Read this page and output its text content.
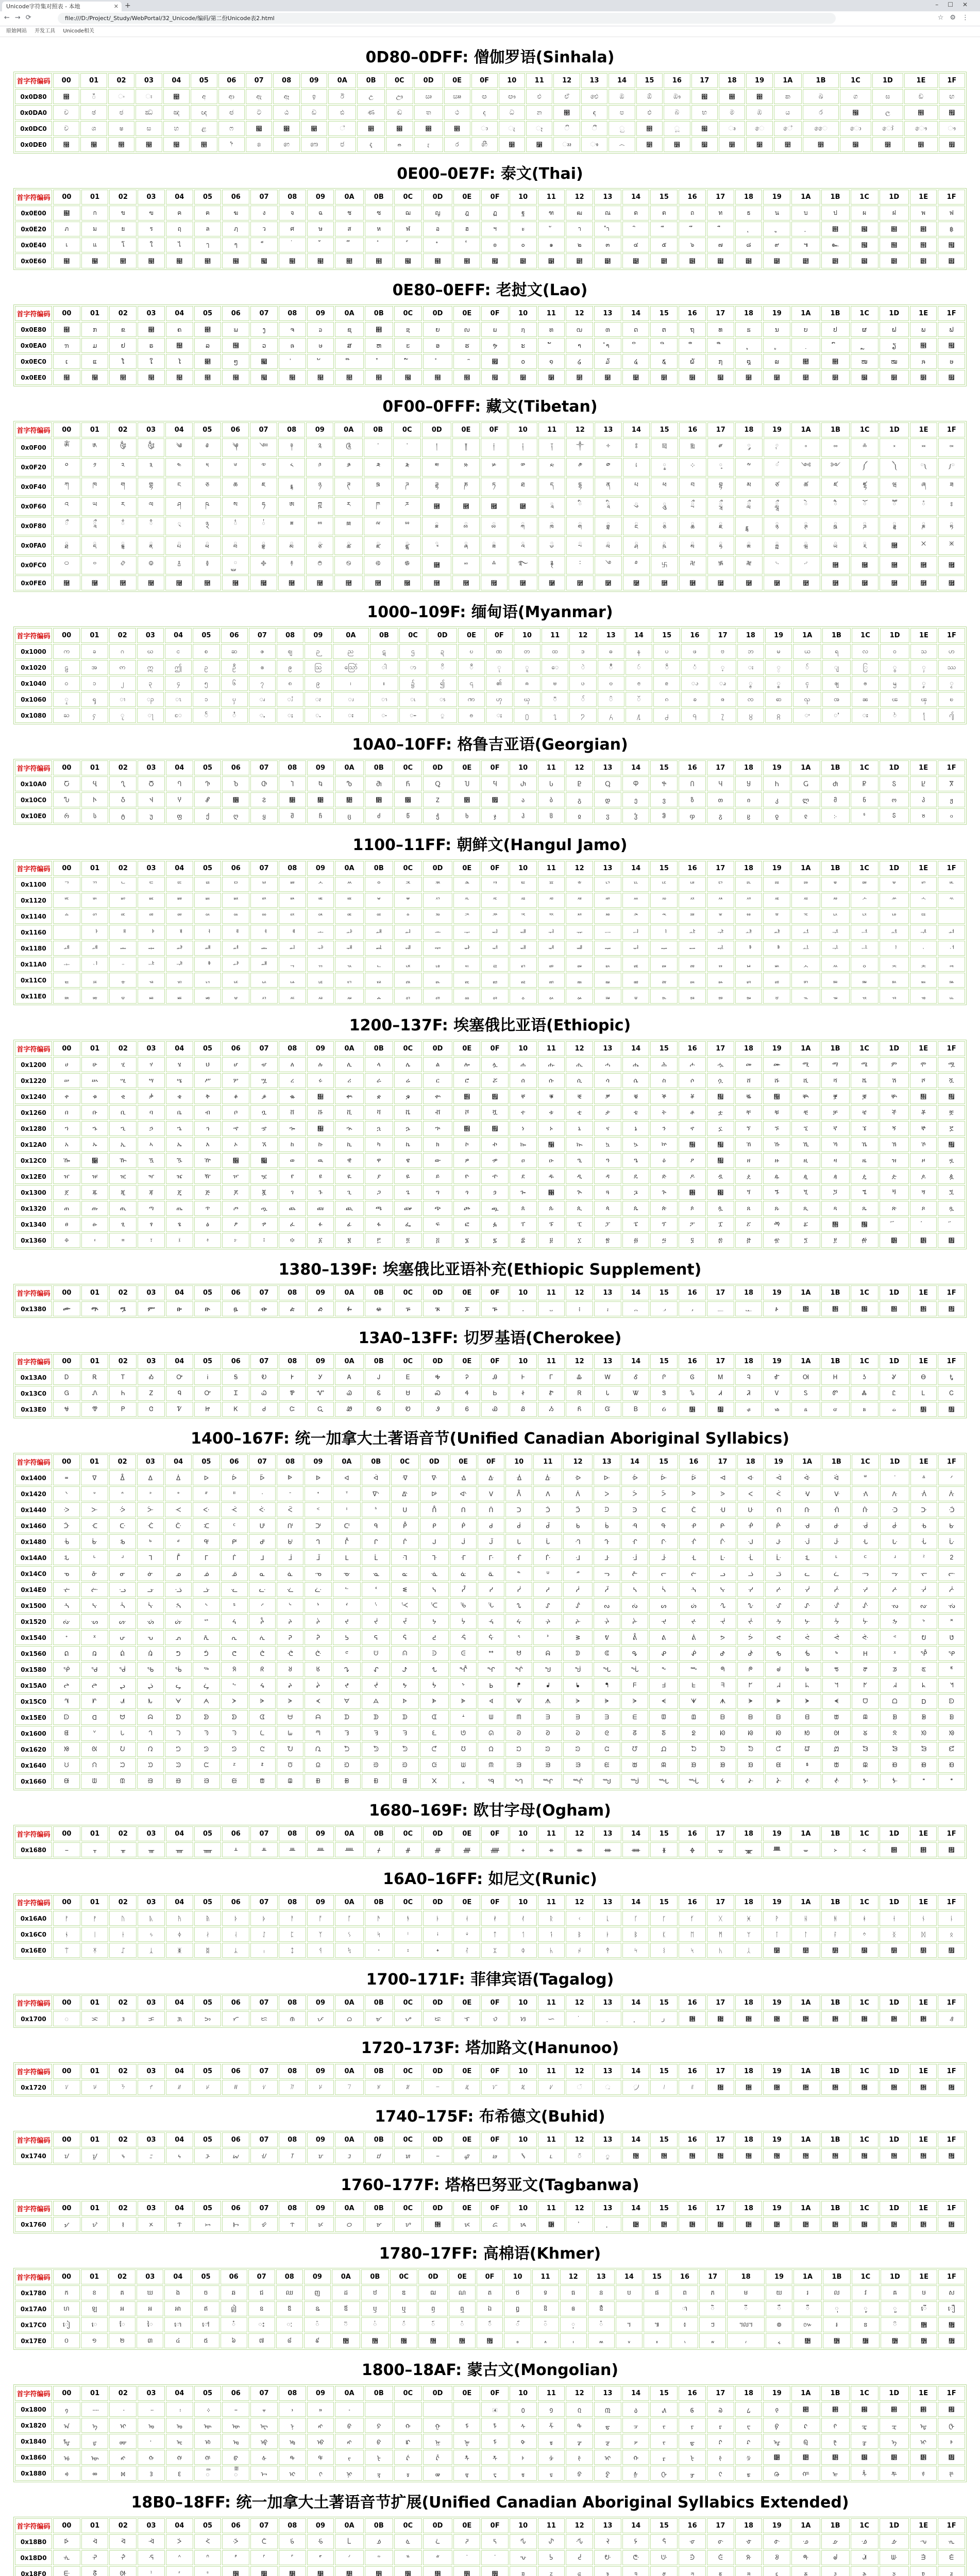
Unicode字符集对照表 - 本地	✕ +	–☐✕
←→⟳	file:///D:/Project/_Study/WebPortal/32_Unicode/编码/第二份Unicode表2.html	☆⚙⋮
原始网站 开发工具 Unicode相关
0D80–0DFF: 僧伽罗语(Sinhala)
首字符编码	00	01	02	03	04	05	06	07	08	09	0A	0B	0C	0D	0E	0F	10	11	12	13	14	15	16	17	18	19	1A	1B	1C	1D	1E	1F
0x0D80	඀	ඁ	ං	ඃ	඄	අ	ආ	ඇ	ඈ	ඉ	ඊ	උ	ඌ	ඍ	ඎ	ඏ	ඐ	එ	ඒ	ඓ	ඔ	ඕ	ඖ	඗	඘	඙	ක	ඛ	ග	ඝ	ඞ	ඟ
0x0DA0	ච	ඡ	ජ	ඣ	ඤ	ඥ	ඦ	ට	ඨ	ඩ	ඪ	ණ	ඬ	ත	ථ	ද	ධ	න	඲	ඳ	ප	ඵ	බ	භ	ම	ඹ	ය	ර	඼	ල	඾	඿
0x0DC0	ව	ශ	ෂ	ස	හ	ළ	ෆ	෇	෈	෉	්	෋	෌	෍	෎	ා	ැ	ෑ	ි	ී	ු	෕	ූ	෗	ෘ	ෙ	ේ	ෛ	ො	ෝ	ෞ	ෟ
0x0DE0	෠	෡	෢	෣	෤	෥	෦	෧	෨	෩	෪	෫	෬	෭	෮	෯	෰	෱	ෲ	ෳ	෴	෵	෶	෷	෸	෹	෺	෻	෼	෽	෾	෿
0E00–0E7F: 泰文(Thai)
首字符编码	00	01	02	03	04	05	06	07	08	09	0A	0B	0C	0D	0E	0F	10	11	12	13	14	15	16	17	18	19	1A	1B	1C	1D	1E	1F
0x0E00	฀	ก	ข	ฃ	ค	ฅ	ฆ	ง	จ	ฉ	ช	ซ	ฌ	ญ	ฎ	ฏ	ฐ	ฑ	ฒ	ณ	ด	ต	ถ	ท	ธ	น	บ	ป	ผ	ฝ	พ	ฟ
0x0E20	ภ	ม	ย	ร	ฤ	ล	ฦ	ว	ศ	ษ	ส	ห	ฬ	อ	ฮ	ฯ	ะ		า	ำ								฻	฼	฽	฾	฿
0x0E40	เ	แ	โ	ใ	ไ	ๅ	ๆ									๏	๐	๑	๒	๓	๔	๕	๖	๗	๘	๙	๚	๛	๜	๝	๞	๟
0x0E60	๠	๡	๢	๣	๤	๥	๦	๧	๨	๩	๪	๫	๬	๭	๮	๯	๰	๱	๲	๳	๴	๵	๶	๷	๸	๹	๺	๻	๼	๽	๾	๿
0E80–0EFF: 老挝文(Lao)
首字符编码	00	01	02	03	04	05	06	07	08	09	0A	0B	0C	0D	0E	0F	10	11	12	13	14	15	16	17	18	19	1A	1B	1C	1D	1E	1F
0x0E80	຀	ກ	ຂ	຃	ຄ	຅	ຆ	ງ	ຈ	ຉ	ຊ	຋	ຌ	ຍ	ຎ	ຏ	ຐ	ຑ	ຒ	ຓ	ດ	ຕ	ຖ	ທ	ຘ	ນ	ບ	ປ	ຜ	ຝ	ພ	ຟ
0x0EA0	ຠ	ມ	ຢ	ຣ	຤	ລ	຦	ວ	ຨ	ຩ	ສ	ຫ	ຬ	ອ	ຮ	ຯ	ະ		າ	ຳ							຺			ຽ	຾	຿
0x0EC0	ເ	ແ	ໂ	ໃ	ໄ	໅	ໆ	໇								໏	໐	໑	໒	໓	໔	໕	໖	໗	໘	໙	໚	໛	ໜ	ໝ	ໞ	ໟ
0x0EE0	໠	໡	໢	໣	໤	໥	໦	໧	໨	໩	໪	໫	໬	໭	໮	໯	໰	໱	໲	໳	໴	໵	໶	໷	໸	໹	໺	໻	໼	໽	໾	໿
0F00–0FFF: 藏文(Tibetan)
首字符编码	00	01	02	03	04	05	06	07	08	09	0A	0B	0C	0D	0E	0F	10	11	12	13	14	15	16	17	18	19	1A	1B	1C	1D	1E	1F
0x0F00	ༀ	༁	༂	༃	༄	༅	༆	༇	༈	༉	༊	་	༌	།	༎	༏	༐	༑	༒	༓	༔	༕	༖	༗	༘	༙	༚	༛	༜	༝	༞	༟
0x0F20	༠	༡	༢	༣	༤	༥	༦	༧	༨	༩	༪	༫	༬	༭	༮	༯	༰	༱	༲	༳	༴	༵	༶	༷	༸	༹	༺	༻	༼	༽	༾	༿
0x0F40	ཀ	ཁ	ག	གྷ	ང	ཅ	ཆ	ཇ	཈	ཉ	ཊ	ཋ	ཌ	ཌྷ	ཎ	ཏ	ཐ	ད	དྷ	ན	པ	ཕ	བ	བྷ	མ	ཙ	ཚ	ཛ	ཛྷ	ཝ	ཞ	ཟ
0x0F60	འ	ཡ	ར	ལ	ཤ	ཥ	ས	ཧ	ཨ	ཀྵ	ཪ	ཫ	ཬ	཭	཮	཯	཰	ཱ	ི	ཱི	ུ	ཱུ	ྲྀ	ཷ	ླྀ	ཹ	ེ	ཻ	ོ	ཽ	ཾ	ཿ
0x0F80	ྀ	ཱྀ	ྂ	ྃ	྄	྅	྆	྇	ྈ	ྉ	ྊ	ྋ	ྌ	ྍ	ྎ	ྏ	ྐ	ྑ	ྒ	ྒྷ	ྔ	ྕ	ྖ	ྗ		ྙ	ྚ	ྛ	ྜ	ྜྷ	ྞ	ྟ
0x0FA0	ྠ	ྡ	ྡྷ	ྣ	ྤ	ྥ	ྦ	ྦྷ	ྨ	ྩ	ྪ	ྫ	ྫྷ	ྭ	ྮ	ྯ	ྰ	ྱ	ྲ	ླ	ྴ	ྵ	ྶ	ྷ	ྸ	ྐྵ	ྺ	ྻ	ྼ	྽	྾	྿
0x0FC0	࿀	࿁	࿂	࿃	࿄	࿅	࿆	࿇	࿈	࿉	࿊	࿋	࿌	࿍	࿎	࿏	࿐	࿑	࿒	࿓	࿔	࿕	࿖	࿗	࿘	࿙	࿚	࿛	࿜	࿝	࿞	࿟
0x0FE0	࿠	࿡	࿢	࿣	࿤	࿥	࿦	࿧	࿨	࿩	࿪	࿫	࿬	࿭	࿮	࿯	࿰	࿱	࿲	࿳	࿴	࿵	࿶	࿷	࿸	࿹	࿺	࿻	࿼	࿽	࿾	࿿
1000–109F: 缅甸语(Myanmar)
首字符编码	00	01	02	03	04	05	06	07	08	09	0A	0B	0C	0D	0E	0F	10	11	12	13	14	15	16	17	18	19	1A	1B	1C	1D	1E	1F
0x1000	က	ခ	ဂ	ဃ	င	စ	ဆ	ဇ	ဈ	ဉ	ည	ဋ	ဌ	ဍ	ဎ	ဏ	တ	ထ	ဒ	ဓ	န	ပ	ဖ	ဗ	ဘ	မ	ယ	ရ	လ	ဝ	သ	ဟ
0x1020	ဠ	အ	ဢ	ဣ	ဤ	ဥ	ဦ	ဧ	ဨ	ဩ	ဪ	ါ	ာ	ိ	ီ	ု	ူ	ေ	ဲ	ဳ	ဴ	ဵ	ံ	့	း	္	်	ျ	ြ	ွ	ှ	ဿ
0x1040	၀	၁	၂	၃	၄	၅	၆	၇	၈	၉	၊	။	၌	၍	၎	၏	ၐ	ၑ	ၒ	ၓ	ၔ	ၕ	ၖ	ၗ	ၘ	ၙ	ၚ	ၛ	ၜ	ၝ	ၞ	ၟ
0x1060	ၠ	ၡ	ၢ	ၣ	ၤ	ၥ	ၦ	ၧ	ၨ	ၩ	ၪ	ၫ	ၬ	ၭ	ၮ	ၯ	ၰ	ၱ	ၲ	ၳ	ၴ	ၵ	ၶ	ၷ	ၸ	ၹ	ၺ	ၻ	ၼ	ၽ	ၾ	ၿ
0x1080	ႀ	ႁ	ႂ	ႃ	ႄ	ႅ	ႆ	ႇ	ႈ	ႉ	ႊ	ႋ	ႌ	ႍ	ႎ	ႏ	႐	႑	႒	႓	႔	႕	႖	႗	႘	႙	ႚ	ႛ	ႜ	ႝ	႞	႟
10A0–10FF: 格鲁吉亚语(Georgian)
首字符编码	00	01	02	03	04	05	06	07	08	09	0A	0B	0C	0D	0E	0F	10	11	12	13	14	15	16	17	18	19	1A	1B	1C	1D	1E	1F
0x10A0	Ⴀ	Ⴁ	Ⴂ	Ⴃ	Ⴄ	Ⴅ	Ⴆ	Ⴇ	Ⴈ	Ⴉ	Ⴊ	Ⴋ	Ⴌ	Ⴍ	Ⴎ	Ⴏ	Ⴐ	Ⴑ	Ⴒ	Ⴓ	Ⴔ	Ⴕ	Ⴖ	Ⴗ	Ⴘ	Ⴙ	Ⴚ	Ⴛ	Ⴜ	Ⴝ	Ⴞ	Ⴟ
0x10C0	Ⴠ	Ⴡ	Ⴢ	Ⴣ	Ⴤ	Ⴥ	჆	Ⴧ	჈	჉	჊	჋	჌	Ⴭ	჎	჏	ა	ბ	გ	დ	ე	ვ	ზ	თ	ი	კ	ლ	მ	ნ	ო	პ	ჟ
0x10E0	რ	ს	ტ	უ	ფ	ქ	ღ	ყ	შ	ჩ	ც	ძ	წ	ჭ	ხ	ჯ	ჰ	ჱ	ჲ	ჳ	ჴ	ჵ	ჶ	ჷ	ჸ	ჹ	ჺ	჻	ჼ	ჽ	ჾ	ჿ
1100–11FF: 朝鲜文(Hangul Jamo)
首字符编码	00	01	02	03	04	05	06	07	08	09	0A	0B	0C	0D	0E	0F	10	11	12	13	14	15	16	17	18	19	1A	1B	1C	1D	1E	1F
0x1100	ᄀ	ᄁ	ᄂ	ᄃ	ᄄ	ᄅ	ᄆ	ᄇ	ᄈ	ᄉ	ᄊ	ᄋ	ᄌ	ᄍ	ᄎ	ᄏ	ᄐ	ᄑ	ᄒ	ᄓ	ᄔ	ᄕ	ᄖ	ᄗ	ᄘ	ᄙ	ᄚ	ᄛ	ᄜ	ᄝ	ᄞ	ᄟ
0x1120	ᄠ	ᄡ	ᄢ	ᄣ	ᄤ	ᄥ	ᄦ	ᄧ	ᄨ	ᄩ	ᄪ	ᄫ	ᄬ	ᄭ	ᄮ	ᄯ	ᄰ	ᄱ	ᄲ	ᄳ	ᄴ	ᄵ	ᄶ	ᄷ	ᄸ	ᄹ	ᄺ	ᄻ	ᄼ	ᄽ	ᄾ	ᄿ
0x1140	ᅀ	ᅁ	ᅂ	ᅃ	ᅄ	ᅅ	ᅆ	ᅇ	ᅈ	ᅉ	ᅊ	ᅋ	ᅌ	ᅍ	ᅎ	ᅏ	ᅐ	ᅑ	ᅒ	ᅓ	ᅔ	ᅕ	ᅖ	ᅗ	ᅘ	ᅙ	ᅚ	ᅛ	ᅜ	ᅝ	ᅞ	ᅟ
0x1160	ᅠ	ᅡ	ᅢ	ᅣ	ᅤ	ᅥ	ᅦ	ᅧ	ᅨ	ᅩ	ᅪ	ᅫ	ᅬ	ᅭ	ᅮ	ᅯ	ᅰ	ᅱ	ᅲ	ᅳ	ᅴ	ᅵ	ᅶ	ᅷ	ᅸ	ᅹ	ᅺ	ᅻ	ᅼ	ᅽ	ᅾ	ᅿ
0x1180	ᆀ	ᆁ	ᆂ	ᆃ	ᆄ	ᆅ	ᆆ	ᆇ	ᆈ	ᆉ	ᆊ	ᆋ	ᆌ	ᆍ	ᆎ	ᆏ	ᆐ	ᆑ	ᆒ	ᆓ	ᆔ	ᆕ	ᆖ	ᆗ	ᆘ	ᆙ	ᆚ	ᆛ	ᆜ	ᆝ	ᆞ	ᆟ
0x11A0	ᆠ	ᆡ	ᆢ	ᆣ	ᆤ	ᆥ	ᆦ	ᆧ	ᆨ	ᆩ	ᆪ	ᆫ	ᆬ	ᆭ	ᆮ	ᆯ	ᆰ	ᆱ	ᆲ	ᆳ	ᆴ	ᆵ	ᆶ	ᆷ	ᆸ	ᆹ	ᆺ	ᆻ	ᆼ	ᆽ	ᆾ	ᆿ
0x11C0	ᇀ	ᇁ	ᇂ	ᇃ	ᇄ	ᇅ	ᇆ	ᇇ	ᇈ	ᇉ	ᇊ	ᇋ	ᇌ	ᇍ	ᇎ	ᇏ	ᇐ	ᇑ	ᇒ	ᇓ	ᇔ	ᇕ	ᇖ	ᇗ	ᇘ	ᇙ	ᇚ	ᇛ	ᇜ	ᇝ	ᇞ	ᇟ
0x11E0	ᇠ	ᇡ	ᇢ	ᇣ	ᇤ	ᇥ	ᇦ	ᇧ	ᇨ	ᇩ	ᇪ	ᇫ	ᇬ	ᇭ	ᇮ	ᇯ	ᇰ	ᇱ	ᇲ	ᇳ	ᇴ	ᇵ	ᇶ	ᇷ	ᇸ	ᇹ	ᇺ	ᇻ	ᇼ	ᇽ	ᇾ	ᇿ
1200–137F: 埃塞俄比亚语(Ethiopic)
首字符编码	00	01	02	03	04	05	06	07	08	09	0A	0B	0C	0D	0E	0F	10	11	12	13	14	15	16	17	18	19	1A	1B	1C	1D	1E	1F
0x1200	ሀ	ሁ	ሂ	ሃ	ሄ	ህ	ሆ	ሇ	ለ	ሉ	ሊ	ላ	ሌ	ል	ሎ	ሏ	ሐ	ሑ	ሒ	ሓ	ሔ	ሕ	ሖ	ሗ	መ	ሙ	ሚ	ማ	ሜ	ም	ሞ	ሟ
0x1220	ሠ	ሡ	ሢ	ሣ	ሤ	ሥ	ሦ	ሧ	ረ	ሩ	ሪ	ራ	ሬ	ር	ሮ	ሯ	ሰ	ሱ	ሲ	ሳ	ሴ	ስ	ሶ	ሷ	ሸ	ሹ	ሺ	ሻ	ሼ	ሽ	ሾ	ሿ
0x1240	ቀ	ቁ	ቂ	ቃ	ቄ	ቅ	ቆ	ቇ	ቈ	቉	ቊ	ቋ	ቌ	ቍ	቎	቏	ቐ	ቑ	ቒ	ቓ	ቔ	ቕ	ቖ	቗	ቘ	቙	ቚ	ቛ	ቜ	ቝ	቞	቟
0x1260	በ	ቡ	ቢ	ባ	ቤ	ብ	ቦ	ቧ	ቨ	ቩ	ቪ	ቫ	ቬ	ቭ	ቮ	ቯ	ተ	ቱ	ቲ	ታ	ቴ	ት	ቶ	ቷ	ቸ	ቹ	ቺ	ቻ	ቼ	ች	ቾ	ቿ
0x1280	ኀ	ኁ	ኂ	ኃ	ኄ	ኅ	ኆ	ኇ	ኈ	኉	ኊ	ኋ	ኌ	ኍ	኎	኏	ነ	ኑ	ኒ	ና	ኔ	ን	ኖ	ኗ	ኘ	ኙ	ኚ	ኛ	ኜ	ኝ	ኞ	ኟ
0x12A0	አ	ኡ	ኢ	ኣ	ኤ	እ	ኦ	ኧ	ከ	ኩ	ኪ	ካ	ኬ	ክ	ኮ	ኯ	ኰ	኱	ኲ	ኳ	ኴ	ኵ	኶	኷	ኸ	ኹ	ኺ	ኻ	ኼ	ኽ	ኾ	኿
0x12C0	ዀ	዁	ዂ	ዃ	ዄ	ዅ	዆	዇	ወ	ዉ	ዊ	ዋ	ዌ	ው	ዎ	ዏ	ዐ	ዑ	ዒ	ዓ	ዔ	ዕ	ዖ	዗	ዘ	ዙ	ዚ	ዛ	ዜ	ዝ	ዞ	ዟ
0x12E0	ዠ	ዡ	ዢ	ዣ	ዤ	ዥ	ዦ	ዧ	የ	ዩ	ዪ	ያ	ዬ	ይ	ዮ	ዯ	ደ	ዱ	ዲ	ዳ	ዴ	ድ	ዶ	ዷ	ዸ	ዹ	ዺ	ዻ	ዼ	ዽ	ዾ	ዿ
0x1300	ጀ	ጁ	ጂ	ጃ	ጄ	ጅ	ጆ	ጇ	ገ	ጉ	ጊ	ጋ	ጌ	ግ	ጎ	ጏ	ጐ	጑	ጒ	ጓ	ጔ	ጕ	጖	጗	ጘ	ጙ	ጚ	ጛ	ጜ	ጝ	ጞ	ጟ
0x1320	ጠ	ጡ	ጢ	ጣ	ጤ	ጥ	ጦ	ጧ	ጨ	ጩ	ጪ	ጫ	ጬ	ጭ	ጮ	ጯ	ጰ	ጱ	ጲ	ጳ	ጴ	ጵ	ጶ	ጷ	ጸ	ጹ	ጺ	ጻ	ጼ	ጽ	ጾ	ጿ
0x1340	ፀ	ፁ	ፂ	ፃ	ፄ	ፅ	ፆ	ፇ	ፈ	ፉ	ፊ	ፋ	ፌ	ፍ	ፎ	ፏ	ፐ	ፑ	ፒ	ፓ	ፔ	ፕ	ፖ	ፗ	ፘ	ፙ	ፚ	፛	፜			
0x1360	፠	፡	።	፣	፤	፥	፦	፧	፨	፩	፪	፫	፬	፭	፮	፯	፰	፱	፲	፳	፴	፵	፶	፷	፸	፹	፺	፻	፼	፽	፾	፿
1380–139F: 埃塞俄比亚语补充(Ethiopic Supplement)
首字符编码	00	01	02	03	04	05	06	07	08	09	0A	0B	0C	0D	0E	0F	10	11	12	13	14	15	16	17	18	19	1A	1B	1C	1D	1E	1F
0x1380	ᎀ	ᎁ	ᎂ	ᎃ	ᎄ	ᎅ	ᎆ	ᎇ	ᎈ	ᎉ	ᎊ	ᎋ	ᎌ	ᎍ	ᎎ	ᎏ	᎐	᎑	᎒	᎓	᎔	᎕	᎖	᎗	᎘	᎙	᎚	᎛	᎜	᎝	᎞	᎟
13A0–13FF: 切罗基语(Cherokee)
首字符编码	00	01	02	03	04	05	06	07	08	09	0A	0B	0C	0D	0E	0F	10	11	12	13	14	15	16	17	18	19	1A	1B	1C	1D	1E	1F
0x13A0	Ꭰ	Ꭱ	Ꭲ	Ꭳ	Ꭴ	Ꭵ	Ꭶ	Ꭷ	Ꭸ	Ꭹ	Ꭺ	Ꭻ	Ꭼ	Ꭽ	Ꭾ	Ꭿ	Ꮀ	Ꮁ	Ꮂ	Ꮃ	Ꮄ	Ꮅ	Ꮆ	Ꮇ	Ꮈ	Ꮉ	Ꮊ	Ꮋ	Ꮌ	Ꮍ	Ꮎ	Ꮏ
0x13C0	Ꮐ	Ꮑ	Ꮒ	Ꮓ	Ꮔ	Ꮕ	Ꮖ	Ꮗ	Ꮘ	Ꮙ	Ꮚ	Ꮛ	Ꮜ	Ꮝ	Ꮞ	Ꮟ	Ꮠ	Ꮡ	Ꮢ	Ꮣ	Ꮤ	Ꮥ	Ꮦ	Ꮧ	Ꮨ	Ꮩ	Ꮪ	Ꮫ	Ꮬ	Ꮭ	Ꮮ	Ꮯ
0x13E0	Ꮰ	Ꮱ	Ꮲ	Ꮳ	Ꮴ	Ꮵ	Ꮶ	Ꮷ	Ꮸ	Ꮹ	Ꮺ	Ꮻ	Ꮼ	Ꮽ	Ꮾ	Ꮿ	Ᏸ	Ᏹ	Ᏺ	Ᏻ	Ᏼ	Ᏽ	᏶	᏷	ᏸ	ᏹ	ᏺ	ᏻ	ᏼ	ᏽ	᏾	᏿
1400–167F: 统一加拿大土著语音节(Unified Canadian Aboriginal Syllabics)
首字符编码	00	01	02	03	04	05	06	07	08	09	0A	0B	0C	0D	0E	0F	10	11	12	13	14	15	16	17	18	19	1A	1B	1C	1D	1E	1F
0x1400	᐀	ᐁ	ᐂ	ᐃ	ᐄ	ᐅ	ᐆ	ᐇ	ᐈ	ᐉ	ᐊ	ᐋ	ᐌ	ᐍ	ᐎ	ᐏ	ᐐ	ᐑ	ᐒ	ᐓ	ᐔ	ᐕ	ᐖ	ᐗ	ᐘ	ᐙ	ᐚ	ᐛ	ᐜ	ᐝ	ᐞ	ᐟ
0x1420	ᐠ	ᐡ	ᐢ	ᐣ	ᐤ	ᐥ	ᐦ	ᐧ	ᐨ	ᐩ	ᐪ	ᐫ	ᐬ	ᐭ	ᐮ	ᐯ	ᐰ	ᐱ	ᐲ	ᐳ	ᐴ	ᐵ	ᐶ	ᐷ	ᐸ	ᐹ	ᐺ	ᐻ	ᐼ	ᐽ	ᐾ	ᐿ
0x1440	ᑀ	ᑁ	ᑂ	ᑃ	ᑄ	ᑅ	ᑆ	ᑇ	ᑈ	ᑉ	ᑊ	ᑋ	ᑌ	ᑍ	ᑎ	ᑏ	ᑐ	ᑑ	ᑒ	ᑓ	ᑔ	ᑕ	ᑖ	ᑗ	ᑘ	ᑙ	ᑚ	ᑛ	ᑜ	ᑝ	ᑞ	ᑟ
0x1460	ᑠ	ᑡ	ᑢ	ᑣ	ᑤ	ᑥ	ᑦ	ᑧ	ᑨ	ᑩ	ᑪ	ᑫ	ᑬ	ᑭ	ᑮ	ᑯ	ᑰ	ᑱ	ᑲ	ᑳ	ᑴ	ᑵ	ᑶ	ᑷ	ᑸ	ᑹ	ᑺ	ᑻ	ᑼ	ᑽ	ᑾ	ᑿ
0x1480	ᒀ	ᒁ	ᒂ	ᒃ	ᒄ	ᒅ	ᒆ	ᒇ	ᒈ	ᒉ	ᒊ	ᒋ	ᒌ	ᒍ	ᒎ	ᒏ	ᒐ	ᒑ	ᒒ	ᒓ	ᒔ	ᒕ	ᒖ	ᒗ	ᒘ	ᒙ	ᒚ	ᒛ	ᒜ	ᒝ	ᒞ	ᒟ
0x14A0	ᒠ	ᒡ	ᒢ	ᒣ	ᒤ	ᒥ	ᒦ	ᒧ	ᒨ	ᒩ	ᒪ	ᒫ	ᒬ	ᒭ	ᒮ	ᒯ	ᒰ	ᒱ	ᒲ	ᒳ	ᒴ	ᒵ	ᒶ	ᒷ	ᒸ	ᒹ	ᒺ	ᒻ	ᒼ	ᒽ	ᒾ	ᒿ
0x14C0	ᓀ	ᓁ	ᓂ	ᓃ	ᓄ	ᓅ	ᓆ	ᓇ	ᓈ	ᓉ	ᓊ	ᓋ	ᓌ	ᓍ	ᓎ	ᓏ	ᓐ	ᓑ	ᓒ	ᓓ	ᓔ	ᓕ	ᓖ	ᓗ	ᓘ	ᓙ	ᓚ	ᓛ	ᓜ	ᓝ	ᓞ	ᓟ
0x14E0	ᓠ	ᓡ	ᓢ	ᓣ	ᓤ	ᓥ	ᓦ	ᓧ	ᓨ	ᓩ	ᓪ	ᓫ	ᓬ	ᓭ	ᓮ	ᓯ	ᓰ	ᓱ	ᓲ	ᓳ	ᓴ	ᓵ	ᓶ	ᓷ	ᓸ	ᓹ	ᓺ	ᓻ	ᓼ	ᓽ	ᓾ	ᓿ
0x1500	ᔀ	ᔁ	ᔂ	ᔃ	ᔄ	ᔅ	ᔆ	ᔇ	ᔈ	ᔉ	ᔊ	ᔋ	ᔌ	ᔍ	ᔎ	ᔏ	ᔐ	ᔑ	ᔒ	ᔓ	ᔔ	ᔕ	ᔖ	ᔗ	ᔘ	ᔙ	ᔚ	ᔛ	ᔜ	ᔝ	ᔞ	ᔟ
0x1520	ᔠ	ᔡ	ᔢ	ᔣ	ᔤ	ᔥ	ᔦ	ᔧ	ᔨ	ᔩ	ᔪ	ᔫ	ᔬ	ᔭ	ᔮ	ᔯ	ᔰ	ᔱ	ᔲ	ᔳ	ᔴ	ᔵ	ᔶ	ᔷ	ᔸ	ᔹ	ᔺ	ᔻ	ᔼ	ᔽ	ᔾ	ᔿ
0x1540	ᕀ	ᕁ	ᕂ	ᕃ	ᕄ	ᕅ	ᕆ	ᕇ	ᕈ	ᕉ	ᕊ	ᕋ	ᕌ	ᕍ	ᕎ	ᕏ	ᕐ	ᕑ	ᕒ	ᕓ	ᕔ	ᕕ	ᕖ	ᕗ	ᕘ	ᕙ	ᕚ	ᕛ	ᕜ	ᕝ	ᕞ	ᕟ
0x1560	ᕠ	ᕡ	ᕢ	ᕣ	ᕤ	ᕥ	ᕦ	ᕧ	ᕨ	ᕩ	ᕪ	ᕫ	ᕬ	ᕭ	ᕮ	ᕯ	ᕰ	ᕱ	ᕲ	ᕳ	ᕴ	ᕵ	ᕶ	ᕷ	ᕸ	ᕹ	ᕺ	ᕻ	ᕼ	ᕽ	ᕾ	ᕿ
0x1580	ᖀ	ᖁ	ᖂ	ᖃ	ᖄ	ᖅ	ᖆ	ᖇ	ᖈ	ᖉ	ᖊ	ᖋ	ᖌ	ᖍ	ᖎ	ᖏ	ᖐ	ᖑ	ᖒ	ᖓ	ᖔ	ᖕ	ᖖ	ᖗ	ᖘ	ᖙ	ᖚ	ᖛ	ᖜ	ᖝ	ᖞ	ᖟ
0x15A0	ᖠ	ᖡ	ᖢ	ᖣ	ᖤ	ᖥ	ᖦ	ᖧ	ᖨ	ᖩ	ᖪ	ᖫ	ᖬ	ᖭ	ᖮ	ᖯ	ᖰ	ᖱ	ᖲ	ᖳ	ᖴ	ᖵ	ᖶ	ᖷ	ᖸ	ᖹ	ᖺ	ᖻ	ᖼ	ᖽ	ᖾ	ᖿ
0x15C0	ᗀ	ᗁ	ᗂ	ᗃ	ᗄ	ᗅ	ᗆ	ᗇ	ᗈ	ᗉ	ᗊ	ᗋ	ᗌ	ᗍ	ᗎ	ᗏ	ᗐ	ᗑ	ᗒ	ᗓ	ᗔ	ᗕ	ᗖ	ᗗ	ᗘ	ᗙ	ᗚ	ᗛ	ᗜ	ᗝ	ᗞ	ᗟ
0x15E0	ᗠ	ᗡ	ᗢ	ᗣ	ᗤ	ᗥ	ᗦ	ᗧ	ᗨ	ᗩ	ᗪ	ᗫ	ᗬ	ᗭ	ᗮ	ᗯ	ᗰ	ᗱ	ᗲ	ᗳ	ᗴ	ᗵ	ᗶ	ᗷ	ᗸ	ᗹ	ᗺ	ᗻ	ᗼ	ᗽ	ᗾ	ᗿ
0x1600	ᘀ	ᘁ	ᘂ	ᘃ	ᘄ	ᘅ	ᘆ	ᘇ	ᘈ	ᘉ	ᘊ	ᘋ	ᘌ	ᘍ	ᘎ	ᘏ	ᘐ	ᘑ	ᘒ	ᘓ	ᘔ	ᘕ	ᘖ	ᘗ	ᘘ	ᘙ	ᘚ	ᘛ	ᘜ	ᘝ	ᘞ	ᘟ
0x1620	ᘠ	ᘡ	ᘢ	ᘣ	ᘤ	ᘥ	ᘦ	ᘧ	ᘨ	ᘩ	ᘪ	ᘫ	ᘬ	ᘭ	ᘮ	ᘯ	ᘰ	ᘱ	ᘲ	ᘳ	ᘴ	ᘵ	ᘶ	ᘷ	ᘸ	ᘹ	ᘺ	ᘻ	ᘼ	ᘽ	ᘾ	ᘿ
0x1640	ᙀ	ᙁ	ᙂ	ᙃ	ᙄ	ᙅ	ᙆ	ᙇ	ᙈ	ᙉ	ᙊ	ᙋ	ᙌ	ᙍ	ᙎ	ᙏ	ᙐ	ᙑ	ᙒ	ᙓ	ᙔ	ᙕ	ᙖ	ᙗ	ᙘ	ᙙ	ᙚ	ᙛ	ᙜ	ᙝ	ᙞ	ᙟ
0x1660	ᙠ	ᙡ	ᙢ	ᙣ	ᙤ	ᙥ	ᙦ	ᙧ	ᙨ	ᙩ	ᙪ	ᙫ	ᙬ	᙭	᙮	ᙯ	ᙰ	ᙱ	ᙲ	ᙳ	ᙴ	ᙵ	ᙶ	ᙷ	ᙸ	ᙹ	ᙺ	ᙻ	ᙼ	ᙽ	ᙾ	ᙿ
1680–169F: 欧甘字母(Ogham)
首字符编码	00	01	02	03	04	05	06	07	08	09	0A	0B	0C	0D	0E	0F	10	11	12	13	14	15	16	17	18	19	1A	1B	1C	1D	1E	1F
0x1680	 	ᚁ	ᚂ	ᚃ	ᚄ	ᚅ	ᚆ	ᚇ	ᚈ	ᚉ	ᚊ	ᚋ	ᚌ	ᚍ	ᚎ	ᚏ	ᚐ	ᚑ	ᚒ	ᚓ	ᚔ	ᚕ	ᚖ	ᚗ	ᚘ	ᚙ	ᚚ	᚛	᚜	᚝	᚞	᚟
16A0–16FF: 如尼文(Runic)
首字符编码	00	01	02	03	04	05	06	07	08	09	0A	0B	0C	0D	0E	0F	10	11	12	13	14	15	16	17	18	19	1A	1B	1C	1D	1E	1F
0x16A0	ᚠ	ᚡ	ᚢ	ᚣ	ᚤ	ᚥ	ᚦ	ᚧ	ᚨ	ᚩ	ᚪ	ᚫ	ᚬ	ᚭ	ᚮ	ᚯ	ᚰ	ᚱ	ᚲ	ᚳ	ᚴ	ᚵ	ᚶ	ᚷ	ᚸ	ᚹ	ᚺ	ᚻ	ᚼ	ᚽ	ᚾ	ᚿ
0x16C0	ᛀ	ᛁ	ᛂ	ᛃ	ᛄ	ᛅ	ᛆ	ᛇ	ᛈ	ᛉ	ᛊ	ᛋ	ᛌ	ᛍ	ᛎ	ᛏ	ᛐ	ᛑ	ᛒ	ᛓ	ᛔ	ᛕ	ᛖ	ᛗ	ᛘ	ᛙ	ᛚ	ᛛ	ᛜ	ᛝ	ᛞ	ᛟ
0x16E0	ᛠ	ᛡ	ᛢ	ᛣ	ᛤ	ᛥ	ᛦ	ᛧ	ᛨ	ᛩ	ᛪ	᛫	᛬	᛭	ᛮ	ᛯ	ᛰ	ᛱ	ᛲ	ᛳ	ᛴ	ᛵ	ᛶ	ᛷ	ᛸ	᛹	᛺	᛻	᛼	᛽	᛾	᛿
1700–171F: 菲律宾语(Tagalog)
首字符编码	00	01	02	03	04	05	06	07	08	09	0A	0B	0C	0D	0E	0F	10	11	12	13	14	15	16	17	18	19	1A	1B	1C	1D	1E	1F
0x1700	ᜀ	ᜁ	ᜂ	ᜃ	ᜄ	ᜅ	ᜆ	ᜇ	ᜈ	ᜉ	ᜊ	ᜋ	ᜌ	ᜍ	ᜎ	ᜏ	ᜐ	ᜑ				᜕	᜖	᜗	᜘	᜙	᜚	᜛	᜜	᜝	᜞	ᜟ
1720–173F: 塔加路文(Hanunoo)
首字符编码	00	01	02	03	04	05	06	07	08	09	0A	0B	0C	0D	0E	0F	10	11	12	13	14	15	16	17	18	19	1A	1B	1C	1D	1E	1F
0x1720	ᜠ	ᜡ	ᜢ	ᜣ	ᜤ	ᜥ	ᜦ	ᜧ	ᜨ	ᜩ	ᜪ	ᜫ	ᜬ	ᜭ	ᜮ	ᜯ	ᜰ	ᜱ	ᜲ	ᜳ	᜴	᜵	᜶	᜷	᜸	᜹	᜺	᜻	᜼	᜽	᜾	᜿
1740–175F: 布希德文(Buhid)
首字符编码	00	01	02	03	04	05	06	07	08	09	0A	0B	0C	0D	0E	0F	10	11	12	13	14	15	16	17	18	19	1A	1B	1C	1D	1E	1F
0x1740	ᝀ	ᝁ	ᝂ	ᝃ	ᝄ	ᝅ	ᝆ	ᝇ	ᝈ	ᝉ	ᝊ	ᝋ	ᝌ	ᝍ	ᝎ	ᝏ	ᝐ	ᝑ	ᝒ	ᝓ	᝔	᝕	᝖	᝗	᝘	᝙	᝚	᝛	᝜	᝝	᝞	᝟
1760–177F: 塔格巴努亚文(Tagbanwa)
首字符编码	00	01	02	03	04	05	06	07	08	09	0A	0B	0C	0D	0E	0F	10	11	12	13	14	15	16	17	18	19	1A	1B	1C	1D	1E	1F
0x1760	ᝠ	ᝡ	ᝢ	ᝣ	ᝤ	ᝥ	ᝦ	ᝧ	ᝨ	ᝩ	ᝪ	ᝫ	ᝬ	᝭	ᝮ	ᝯ	ᝰ	᝱			᝴	᝵	᝶	᝷	᝸	᝹	᝺	᝻	᝼	᝽	᝾	᝿
1780–17FF: 高棉语(Khmer)
首字符编码	00	01	02	03	04	05	06	07	08	09	0A	0B	0C	0D	0E	0F	10	11	12	13	14	15	16	17	18	19	1A	1B	1C	1D	1E	1F
0x1780	ក	ខ	គ	ឃ	ង	ច	ឆ	ជ	ឈ	ញ	ដ	ឋ	ឌ	ឍ	ណ	ត	ថ	ទ	ធ	ន	ប	ផ	ព	ភ	ម	យ	រ	ល	វ	ឝ	ឞ	ស
0x17A0	ហ	ឡ	អ	ឣ	ឤ	ឥ	ឦ	ឧ	ឨ	ឩ	ឪ	ឫ	ឬ	ឭ	ឮ	ឯ	ឰ	ឱ	ឲ	ឳ			ា	ិ	ី	ឹ	ឺ	ុ	ូ	ួ	ើ	ឿ
0x17C0	ៀ	េ	ែ	ៃ	ោ	ៅ	ំ	ះ	ៈ	៉	៊	់	៌	៍	៎	៏	័	៑	្	៓	។	៕	៖	ៗ	៘	៙	៚	៛	ៜ	៝	៞	៟
0x17E0	០	១	២	៣	៤	៥	៦	៧	៨	៩	៪	៫	៬	៭	៮	៯	៰	៱	៲	៳	៴	៵	៶	៷	៸	៹	៺	៻	៼	៽	៾	៿
1800–18AF: 蒙古文(Mongolian)
首字符编码	00	01	02	03	04	05	06	07	08	09	0A	0B	0C	0D	0E	0F	10	11	12	13	14	15	16	17	18	19	1A	1B	1C	1D	1E	1F
0x1800	᠀	᠁	᠂	᠃	᠄	᠅	᠆	᠇	᠈	᠉	᠊					᠏	᠐	᠑	᠒	᠓	᠔	᠕	᠖	᠗	᠘	᠙	᠚	᠛	᠜	᠝	᠞	᠟
0x1820	ᠠ	ᠡ	ᠢ	ᠣ	ᠤ	ᠥ	ᠦ	ᠧ	ᠨ	ᠩ	ᠪ	ᠫ	ᠬ	ᠭ	ᠮ	ᠯ	ᠰ	ᠱ	ᠲ	ᠳ	ᠴ	ᠵ	ᠶ	ᠷ	ᠸ	ᠹ	ᠺ	ᠻ	ᠼ	ᠽ	ᠾ	ᠿ
0x1840	ᡀ	ᡁ	ᡂ		ᡄ	ᡅ	ᡆ	ᡇ	ᡈ	ᡉ	ᡊ	ᡋ	ᡌ	ᡍ	ᡎ	ᡏ	ᡐ	ᡑ	ᡒ	ᡓ	ᡔ	ᡕ	ᡖ	ᡗ	ᡘ	ᡙ	ᡚ	ᡛ	ᡜ	ᡝ	ᡞ	ᡟ
0x1860	ᡠ	ᡡ	ᡢ	ᡣ	ᡤ	ᡥ	ᡦ	ᡧ	ᡨ	ᡩ	ᡪ	ᡫ	ᡬ	ᡭ	ᡮ	ᡯ	ᡰ	ᡱ	ᡲ	ᡳ	ᡴ	ᡵ	ᡶ	ᡷ	ᡸ	᡹	᡺	᡻	᡼	᡽	᡾	᡿
0x1880	ᢀ	ᢁ	ᢂ	ᢃ	ᢄ	ᢅ	ᢆ	ᢇ	ᢈ	ᢉ	ᢊ	ᢋ	ᢌ	ᢍ	ᢎ	ᢏ	ᢐ	ᢑ	ᢒ	ᢓ	ᢔ	ᢕ	ᢖ	ᢗ	ᢘ	ᢙ	ᢚ	ᢛ	ᢜ	ᢝ	ᢞ	ᢟ
18B0–18FF: 统一加拿大土著语音节扩展(Unified Canadian Aboriginal Syllabics Extended)
首字符编码	00	01	02	03	04	05	06	07	08	09	0A	0B	0C	0D	0E	0F	10	11	12	13	14	15	16	17	18	19	1A	1B	1C	1D	1E	1F
0x18B0	ᢰ	ᢱ	ᢲ	ᢳ	ᢴ	ᢵ	ᢶ	ᢷ	ᢸ	ᢹ	ᢺ	ᢻ	ᢼ	ᢽ	ᢾ	ᢿ	ᣀ	ᣁ	ᣂ	ᣃ	ᣄ	ᣅ	ᣆ	ᣇ	ᣈ	ᣉ	ᣊ	ᣋ	ᣌ	ᣍ	ᣎ	ᣏ
0x18D0	ᣐ	ᣑ	ᣒ	ᣓ	ᣔ	ᣕ	ᣖ	ᣗ	ᣘ	ᣙ	ᣚ	ᣛ	ᣜ	ᣝ	ᣞ	ᣟ	ᣠ	ᣡ	ᣢ	ᣣ	ᣤ	ᣥ	ᣦ	ᣧ	ᣨ	ᣩ	ᣪ	ᣫ	ᣬ	ᣭ	ᣮ	ᣯ
0x18F0	ᣰ	ᣱ	ᣲ	ᣳ	ᣴ	ᣵ	᣶	᣷	᣸	᣹	᣺	᣻	᣼	᣽	᣾	᣿	ᤀ	ᤁ	ᤂ	ᤃ	ᤄ	ᤅ	ᤆ	ᤇ	ᤈ	ᤉ	ᤊ	ᤋ	ᤌ	ᤍ	ᤎ	ᤏ
